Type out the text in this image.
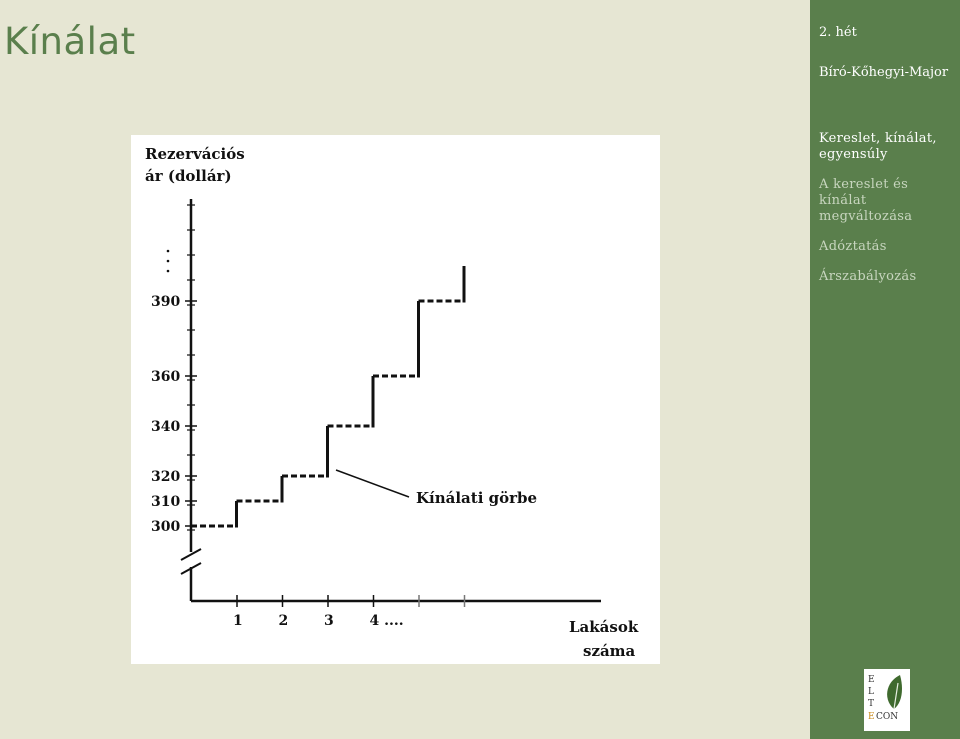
Kínálat
Rezervációs
ár (dollár)
300
310
320
340
360
390
1	2	3	4 ....
Kínálati görbe
Lakások
száma
2. hét
Bíró-Kőhegyi-Major
Kereslet, kínálat, egyensúly
A kereslet és kínálat megváltozása
Adóztatás
Árszabályozás
E
L
T
E CON
